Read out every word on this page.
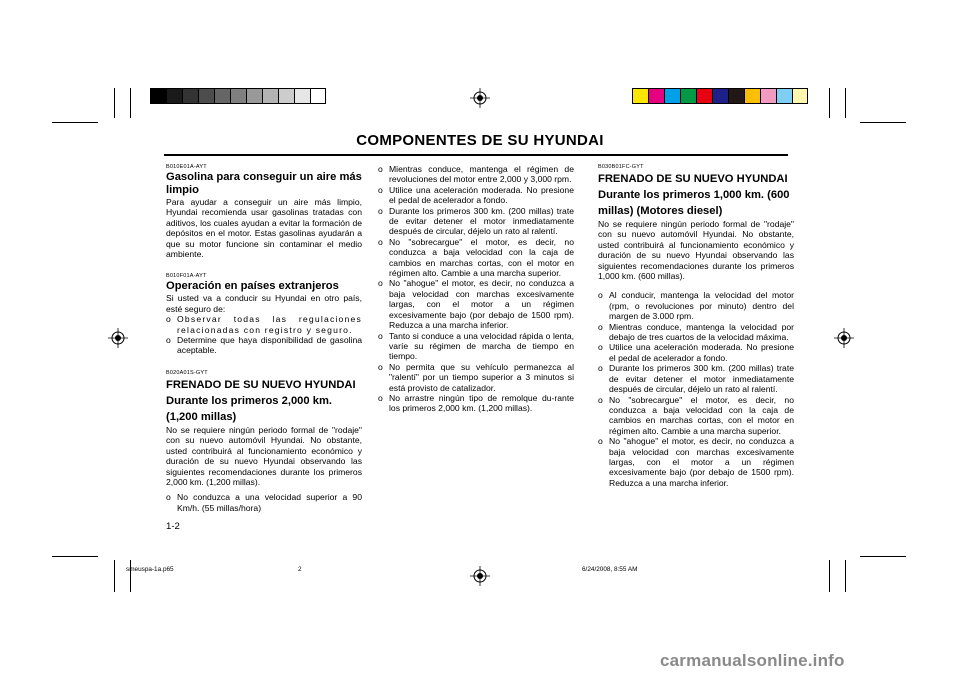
COMPONENTES DE SU HYUNDAI

B010E01A-AYT

Gasolina para conseguir un aire más limpio

Para ayudar a conseguir un aire más limpio, Hyundai recomienda usar gasolinas tratadas con aditivos, los cuales ayudan a evitar la formación de depósitos en el motor. Estas gasolinas ayudarán a que su motor funcione sin contaminar el medio ambiente.

B010F01A-AYT

Operación en países extranjeros

Si usted va a conducir su Hyundai en otro país, esté seguro de:

o Observar todas las regulaciones relacionadas con registro y seguro.
o Determine que haya disponibilidad de gasolina aceptable.

B020A01S-GYT

FRENADO DE SU NUEVO HYUNDAI Durante los primeros 2,000 km. (1,200 millas)

No se requiere ningún periodo formal de "rodaje" con su nuevo automóvil Hyundai. No obstante, usted contribuirá al funcionamiento económico y duración de su nuevo Hyundai observando las siguientes recomendaciones durante los primeros 2,000 km. (1,200 millas).

o No conduzca a una velocidad superior a 90 Km/h. (55 millas/hora)
1-2
o Mientras conduce, mantenga el régimen de revoluciones del motor entre 2,000 y 3,000 rpm.
o Utilice una aceleración moderada. No presione el pedal de acelerador a fondo.
o Durante los primeros 300 km. (200 millas) trate de evitar detener el motor inmediatamente después de circular, déjelo un rato al ralentí.
o No "sobrecargue" el motor, es decir, no conduzca a baja velocidad con la caja de cambios en marchas cortas, con el motor en régimen alto. Cambie a una marcha superior.
o No "ahogue" el motor, es decir, no conduzca a baja velocidad con marchas excesivamente largas, con el motor a un régimen excesivamente bajo (por debajo de 1500 rpm). Reduzca a una marcha inferior.
o Tanto si conduce a una velocidad rápida o lenta, varíe su régimen de marcha de tiempo en tiempo.
o No permita que su vehículo permanezca al "ralentí" por un tiempo superior a 3 minutos si está provisto de catalizador.
o No arrastre ningún tipo de remolque du-rante los primeros 2,000 km. (1,200 millas).

B030B01FC-GYT

FRENADO DE SU NUEVO HYUNDAI Durante los primeros 1,000 km. (600 millas) (Motores diesel)

No se requiere ningún periodo formal de "rodaje" con su nuevo automóvil Hyundai. No obstante, usted contribuirá al funcionamiento económico y duración de su nuevo Hyundai observando las siguientes recomendaciones durante los primeros 1,000 km. (600 millas).

o Al conducir, mantenga la velocidad del motor (rpm, o revoluciones por minuto) dentro del margen de 3.000 rpm.
o Mientras conduce, mantenga la velocidad por debajo de tres cuartos de la velocidad máxima.
o Utilice una aceleración moderada. No presione el pedal de acelerador a fondo.
o Durante los primeros 300 km. (200 millas) trate de evitar detener el motor inmediatamente después de circular, déjelo un rato al ralentí.
o No "sobrecargue" el motor, es decir, no conduzca a baja velocidad con la caja de cambios en marchas cortas, con el motor en régimen alto. Cambie a una marcha superior.
o No "ahogue" el motor, es decir, no conduzca a baja velocidad con marchas excesivamente largas, con el motor a un régimen excesivamente bajo (por debajo de 1500 rpm). Reduzca a una marcha inferior.
smeuspa-1a.p65	2	6/24/2008, 8:55 AM
carmanualsonline.info
